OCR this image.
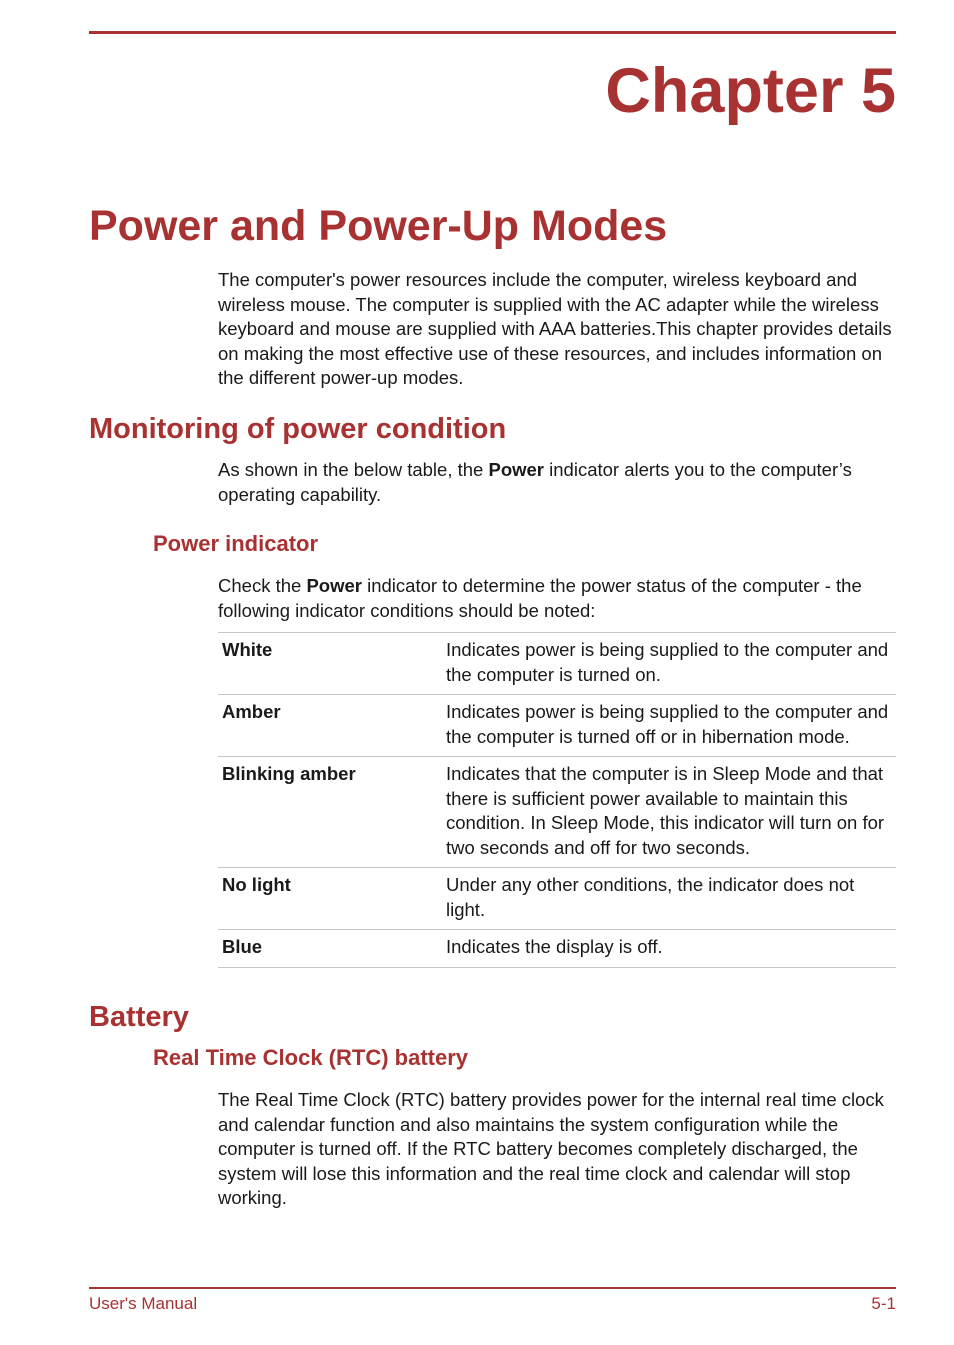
Chapter 5
Power and Power-Up Modes

The computer's power resources include the computer, wireless keyboard and wireless mouse. The computer is supplied with the AC adapter while the wireless keyboard and mouse are supplied with AAA batteries.This chapter provides details on making the most effective use of these resources, and includes information on the different power-up modes.

Monitoring of power condition

As shown in the below table, the Power indicator alerts you to the computer’s operating capability.

Power indicator

Check the Power indicator to determine the power status of the computer - the following indicator conditions should be noted:

White	Indicates power is being supplied to the computer and the computer is turned on.
Amber	Indicates power is being supplied to the computer and the computer is turned off or in hibernation mode.
Blinking amber	Indicates that the computer is in Sleep Mode and that there is sufficient power available to maintain this condition. In Sleep Mode, this indicator will turn on for two seconds and off for two seconds.
No light	Under any other conditions, the indicator does not light.
Blue	Indicates the display is off.
Battery
Real Time Clock (RTC) battery

The Real Time Clock (RTC) battery provides power for the internal real time clock and calendar function and also maintains the system configuration while the computer is turned off. If the RTC battery becomes completely discharged, the system will lose this information and the real time clock and calendar will stop working.

User's Manual	5-1
